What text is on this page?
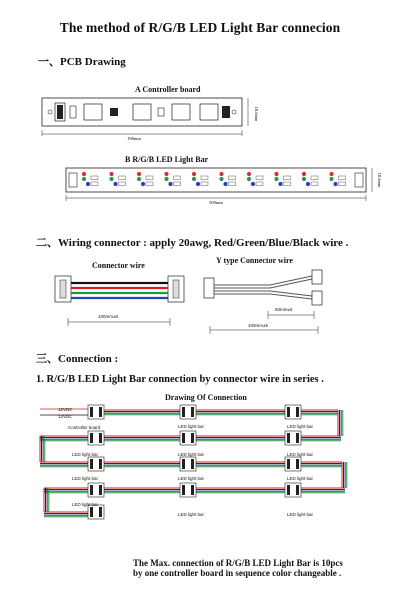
The method of R/G/B LED Light Bar connecion
一、PCB Drawing
A Controller board
190mm
10.5mm
500mm
10.5mm
B R/G/B LED Light Bar
二、Wiring connector : apply 20awg, Red/Green/Blue/Black wire .
Connector wire
Y type Connector wire
100mm±5
50mm±5
100mm±5
三、Connection :
1. R/G/B LED Light Bar connection by connector wire in series .
Drawing Of Connection
12VDC
12VDC
Controller board	LED light bar	LED light bar
LED light bar	LED light bar	LED light bar
LED light bar	LED light bar	LED light bar
LED light bar
LED light bar	LED light bar
The Max. connection of R/G/B LED Light Bar is 10pcs by one controller board in sequence color changeable .
